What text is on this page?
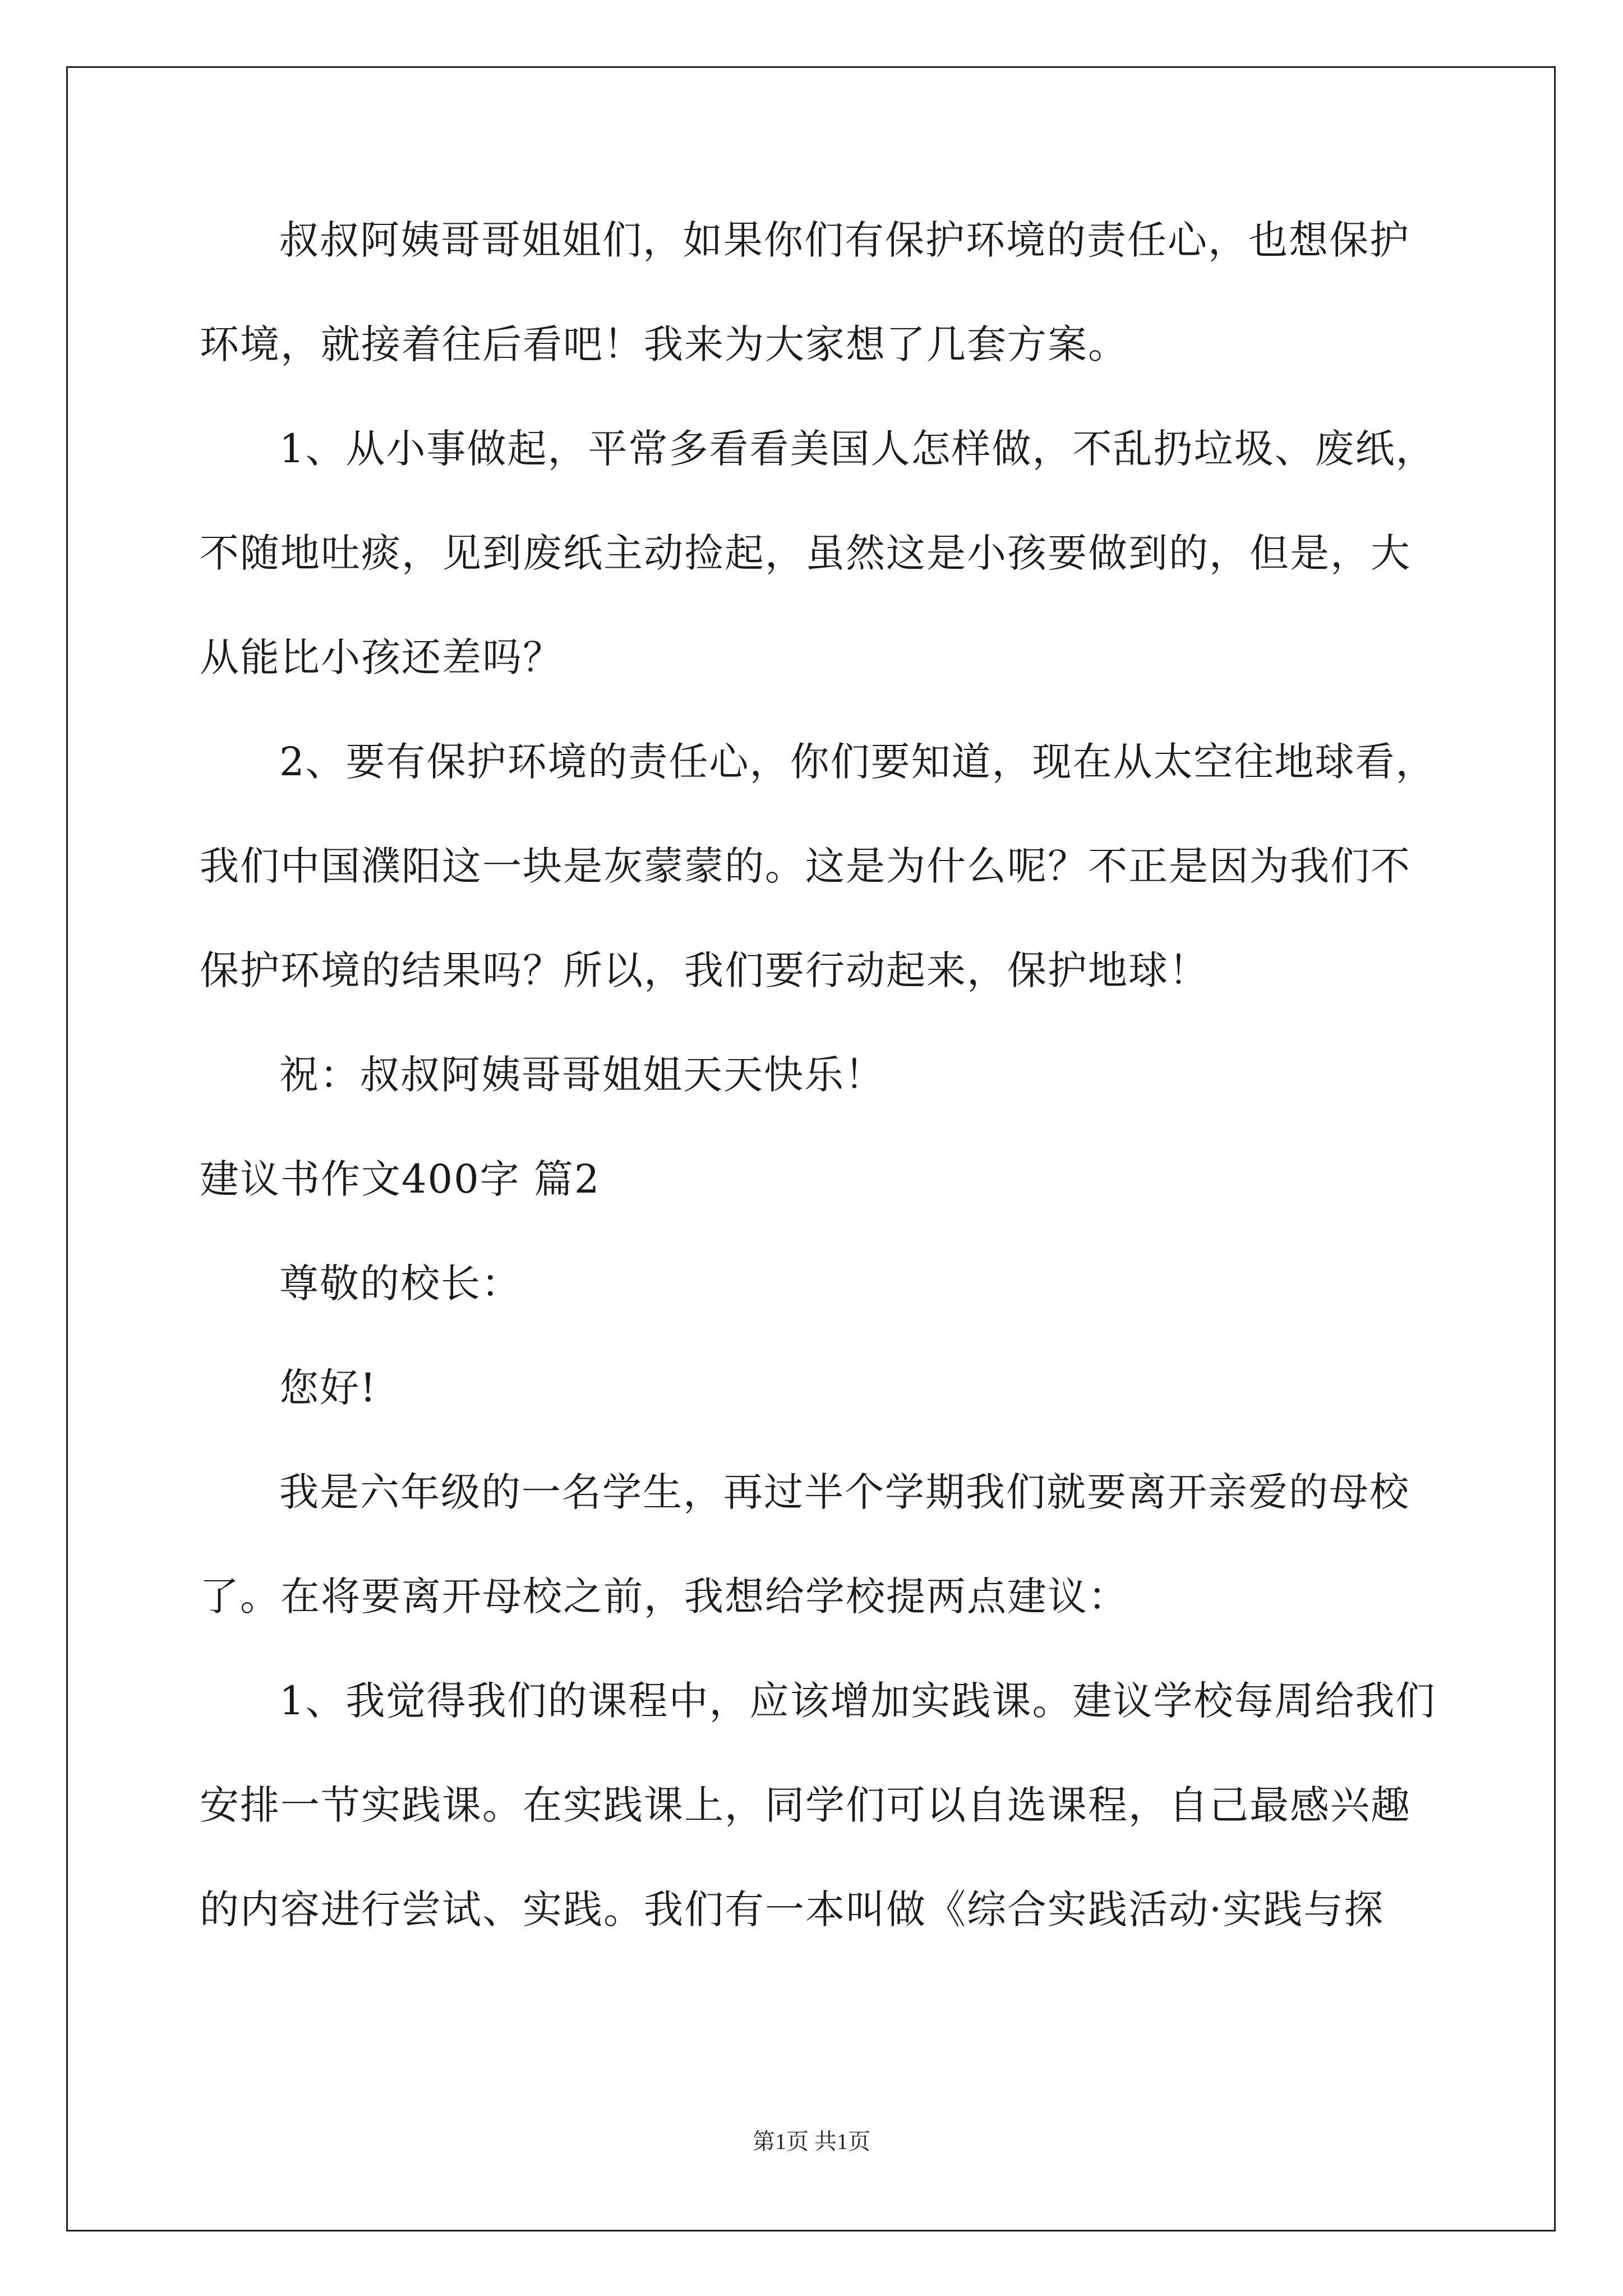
叔叔阿姨哥哥姐姐们，如果你们有保护环境的责任心，也想保护
环境，就接着往后看吧！我来为大家想了几套方案。
1、从小事做起，平常多看看美国人怎样做，不乱扔垃圾、废纸，
不随地吐痰，见到废纸主动捡起，虽然这是小孩要做到的，但是，大
从能比小孩还差吗？
2、要有保护环境的责任心，你们要知道，现在从太空往地球看，
我们中国濮阳这一块是灰蒙蒙的。这是为什么呢？不正是因为我们不
保护环境的结果吗？所以，我们要行动起来，保护地球！
祝：叔叔阿姨哥哥姐姐天天快乐！
建议书作文400字 篇2
尊敬的校长：
您好!
我是六年级的一名学生，再过半个学期我们就要离开亲爱的母校
了。在将要离开母校之前，我想给学校提两点建议：
1、我觉得我们的课程中，应该增加实践课。建议学校每周给我们
安排一节实践课。在实践课上，同学们可以自选课程，自己最感兴趣
的内容进行尝试、实践。我们有一本叫做《综合实践活动·实践与探
第1页 共1页
